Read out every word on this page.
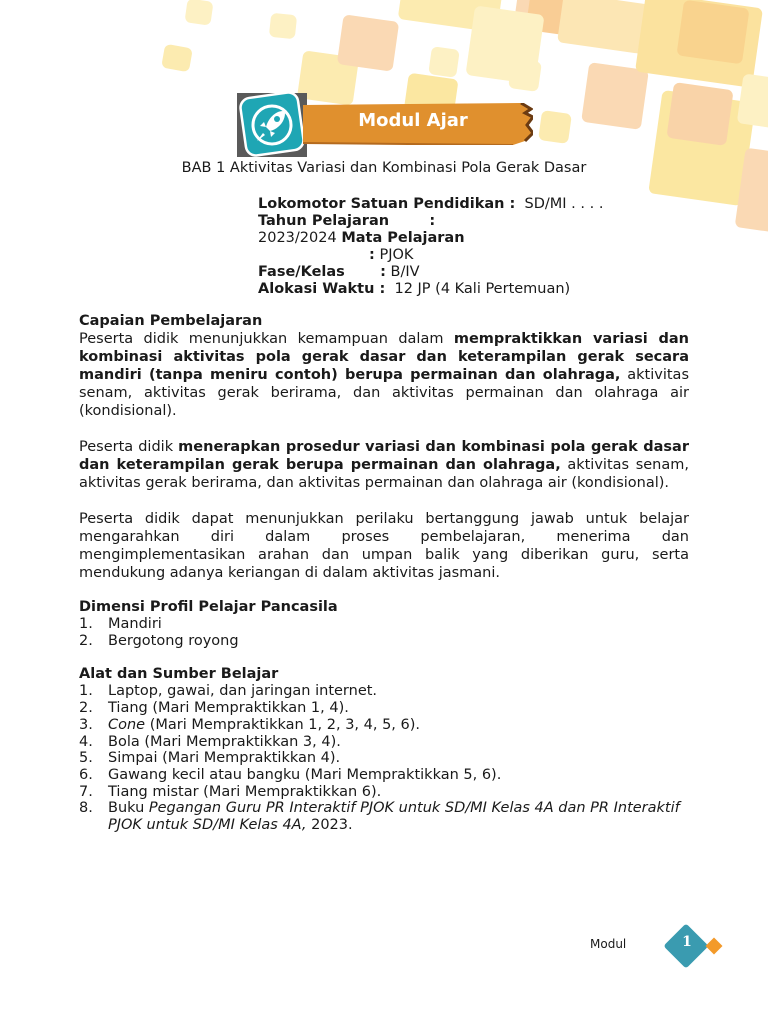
Modul Ajar
BAB 1 Aktivitas Variasi dan Kombinasi Pola Gerak Dasar
Lokomotor Satuan Pendidikan : SD/MI . . . .
Tahun Pelajaran        :
2023/2024 Mata Pelajaran
: PJOK
Fase/Kelas       : B/IV
Alokasi Waktu : 12 JP (4 Kali Pertemuan)
Capaian Pembelajaran

Peserta didik menunjukkan kemampuan dalam mempraktikkan variasi dan kombinasi aktivitas pola gerak dasar dan keterampilan gerak secara mandiri (tanpa meniru contoh) berupa permainan dan olahraga, aktivitas senam, aktivitas gerak berirama, dan aktivitas permainan dan olahraga air (kondisional).

Peserta didik menerapkan prosedur variasi dan kombinasi pola gerak dasar dan keterampilan gerak berupa permainan dan olahraga, aktivitas senam, aktivitas gerak berirama, dan aktivitas permainan dan olahraga air (kondisional).

Peserta didik dapat menunjukkan perilaku bertanggung jawab untuk belajar mengarahkan diri dalam proses pembelajaran, menerima dan mengimplementasikan arahan dan umpan balik yang diberikan guru, serta mendukung adanya keriangan di dalam aktivitas jasmani.

Dimensi Profil Pelajar Pancasila
1.	Mandiri
2.	Bergotong royong
Alat dan Sumber Belajar
1.	Laptop, gawai, dan jaringan internet.
2.	Tiang (Mari Mempraktikkan 1, 4).
3.	Cone (Mari Mempraktikkan 1, 2, 3, 4, 5, 6).
4.	Bola (Mari Mempraktikkan 3, 4).
5.	Simpai (Mari Mempraktikkan 4).
6.	Gawang kecil atau bangku (Mari Mempraktikkan 5, 6).
7.	Tiang mistar (Mari Mempraktikkan 6).
8.	Buku Pegangan Guru PR Interaktif PJOK untuk SD/MI Kelas 4A dan PR Interaktif PJOK untuk SD/MI Kelas 4A, 2023.
Modul	1
